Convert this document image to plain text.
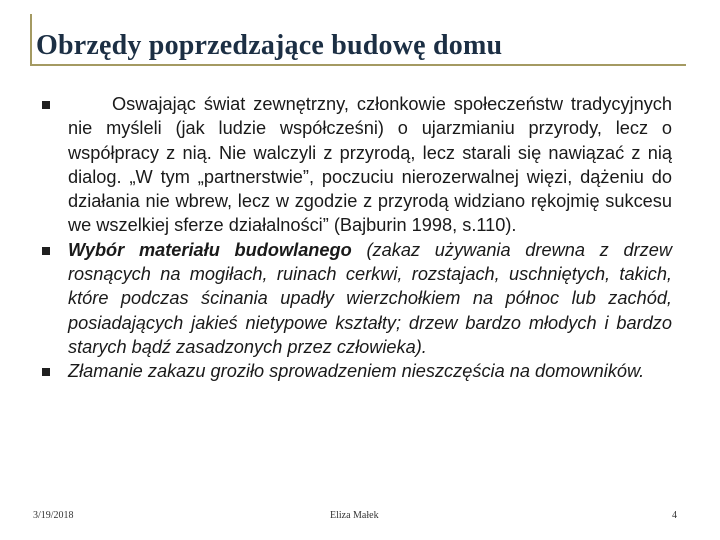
Obrzędy poprzedzające budowę domu
Oswajając świat zewnętrzny, członkowie społeczeństw tradycyjnych nie myśleli (jak ludzie współcześni) o ujarzmianiu przyrody, lecz o współpracy z nią. Nie walczyli z przyrodą, lecz starali się nawiązać z nią dialog. „W tym „partnerstwie”, poczuciu nierozerwalnej więzi, dążeniu do działania nie wbrew, lecz w zgodzie z przyrodą widziano rękojmię sukcesu we wszelkiej sferze działalności” (Bajburin 1998, s.110).
Wybór materiału budowlanego (zakaz używania drewna z drzew rosnących na mogiłach, ruinach cerkwi, rozstajach, uschniętych, takich, które podczas ścinania upadły wierzchołkiem na północ lub zachód, posiadających jakieś nietypowe kształty; drzew bardzo młodych i bardzo starych bądź zasadzonych przez człowieka).
Złamanie zakazu groziło sprowadzeniem nieszczęścia na domowników.
3/19/2018	Eliza Małek	4
